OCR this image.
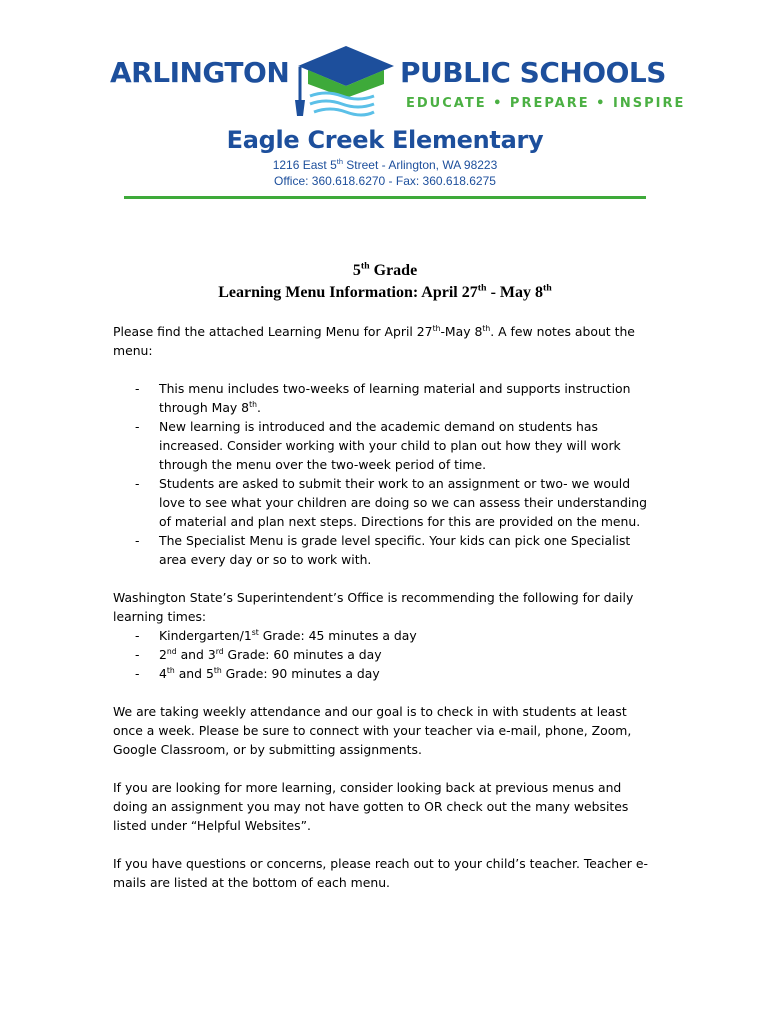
ARLINGTON	PUBLIC SCHOOLS
EDUCATE • PREPARE • INSPIRE
Eagle Creek Elementary
1216 East 5th Street - Arlington, WA 98223
Office: 360.618.6270 - Fax: 360.618.6275
5th Grade
Learning Menu Information: April 27th - May 8th
Please find the attached Learning Menu for April 27th-May 8th. A few notes about the menu:
- This menu includes two-weeks of learning material and supports instruction through May 8th.
- New learning is introduced and the academic demand on students has increased. Consider working with your child to plan out how they will work through the menu over the two-week period of time.
- Students are asked to submit their work to an assignment or two- we would love to see what your children are doing so we can assess their understanding of material and plan next steps. Directions for this are provided on the menu.
- The Specialist Menu is grade level specific. Your kids can pick one Specialist area every day or so to work with.
Washington State’s Superintendent’s Office is recommending the following for daily learning times:
- Kindergarten/1st Grade: 45 minutes a day
- 2nd and 3rd Grade: 60 minutes a day
- 4th and 5th Grade: 90 minutes a day
We are taking weekly attendance and our goal is to check in with students at least once a week. Please be sure to connect with your teacher via e-mail, phone, Zoom, Google Classroom, or by submitting assignments.
If you are looking for more learning, consider looking back at previous menus and doing an assignment you may not have gotten to OR check out the many websites listed under “Helpful Websites”.
If you have questions or concerns, please reach out to your child’s teacher. Teacher e-mails are listed at the bottom of each menu.
